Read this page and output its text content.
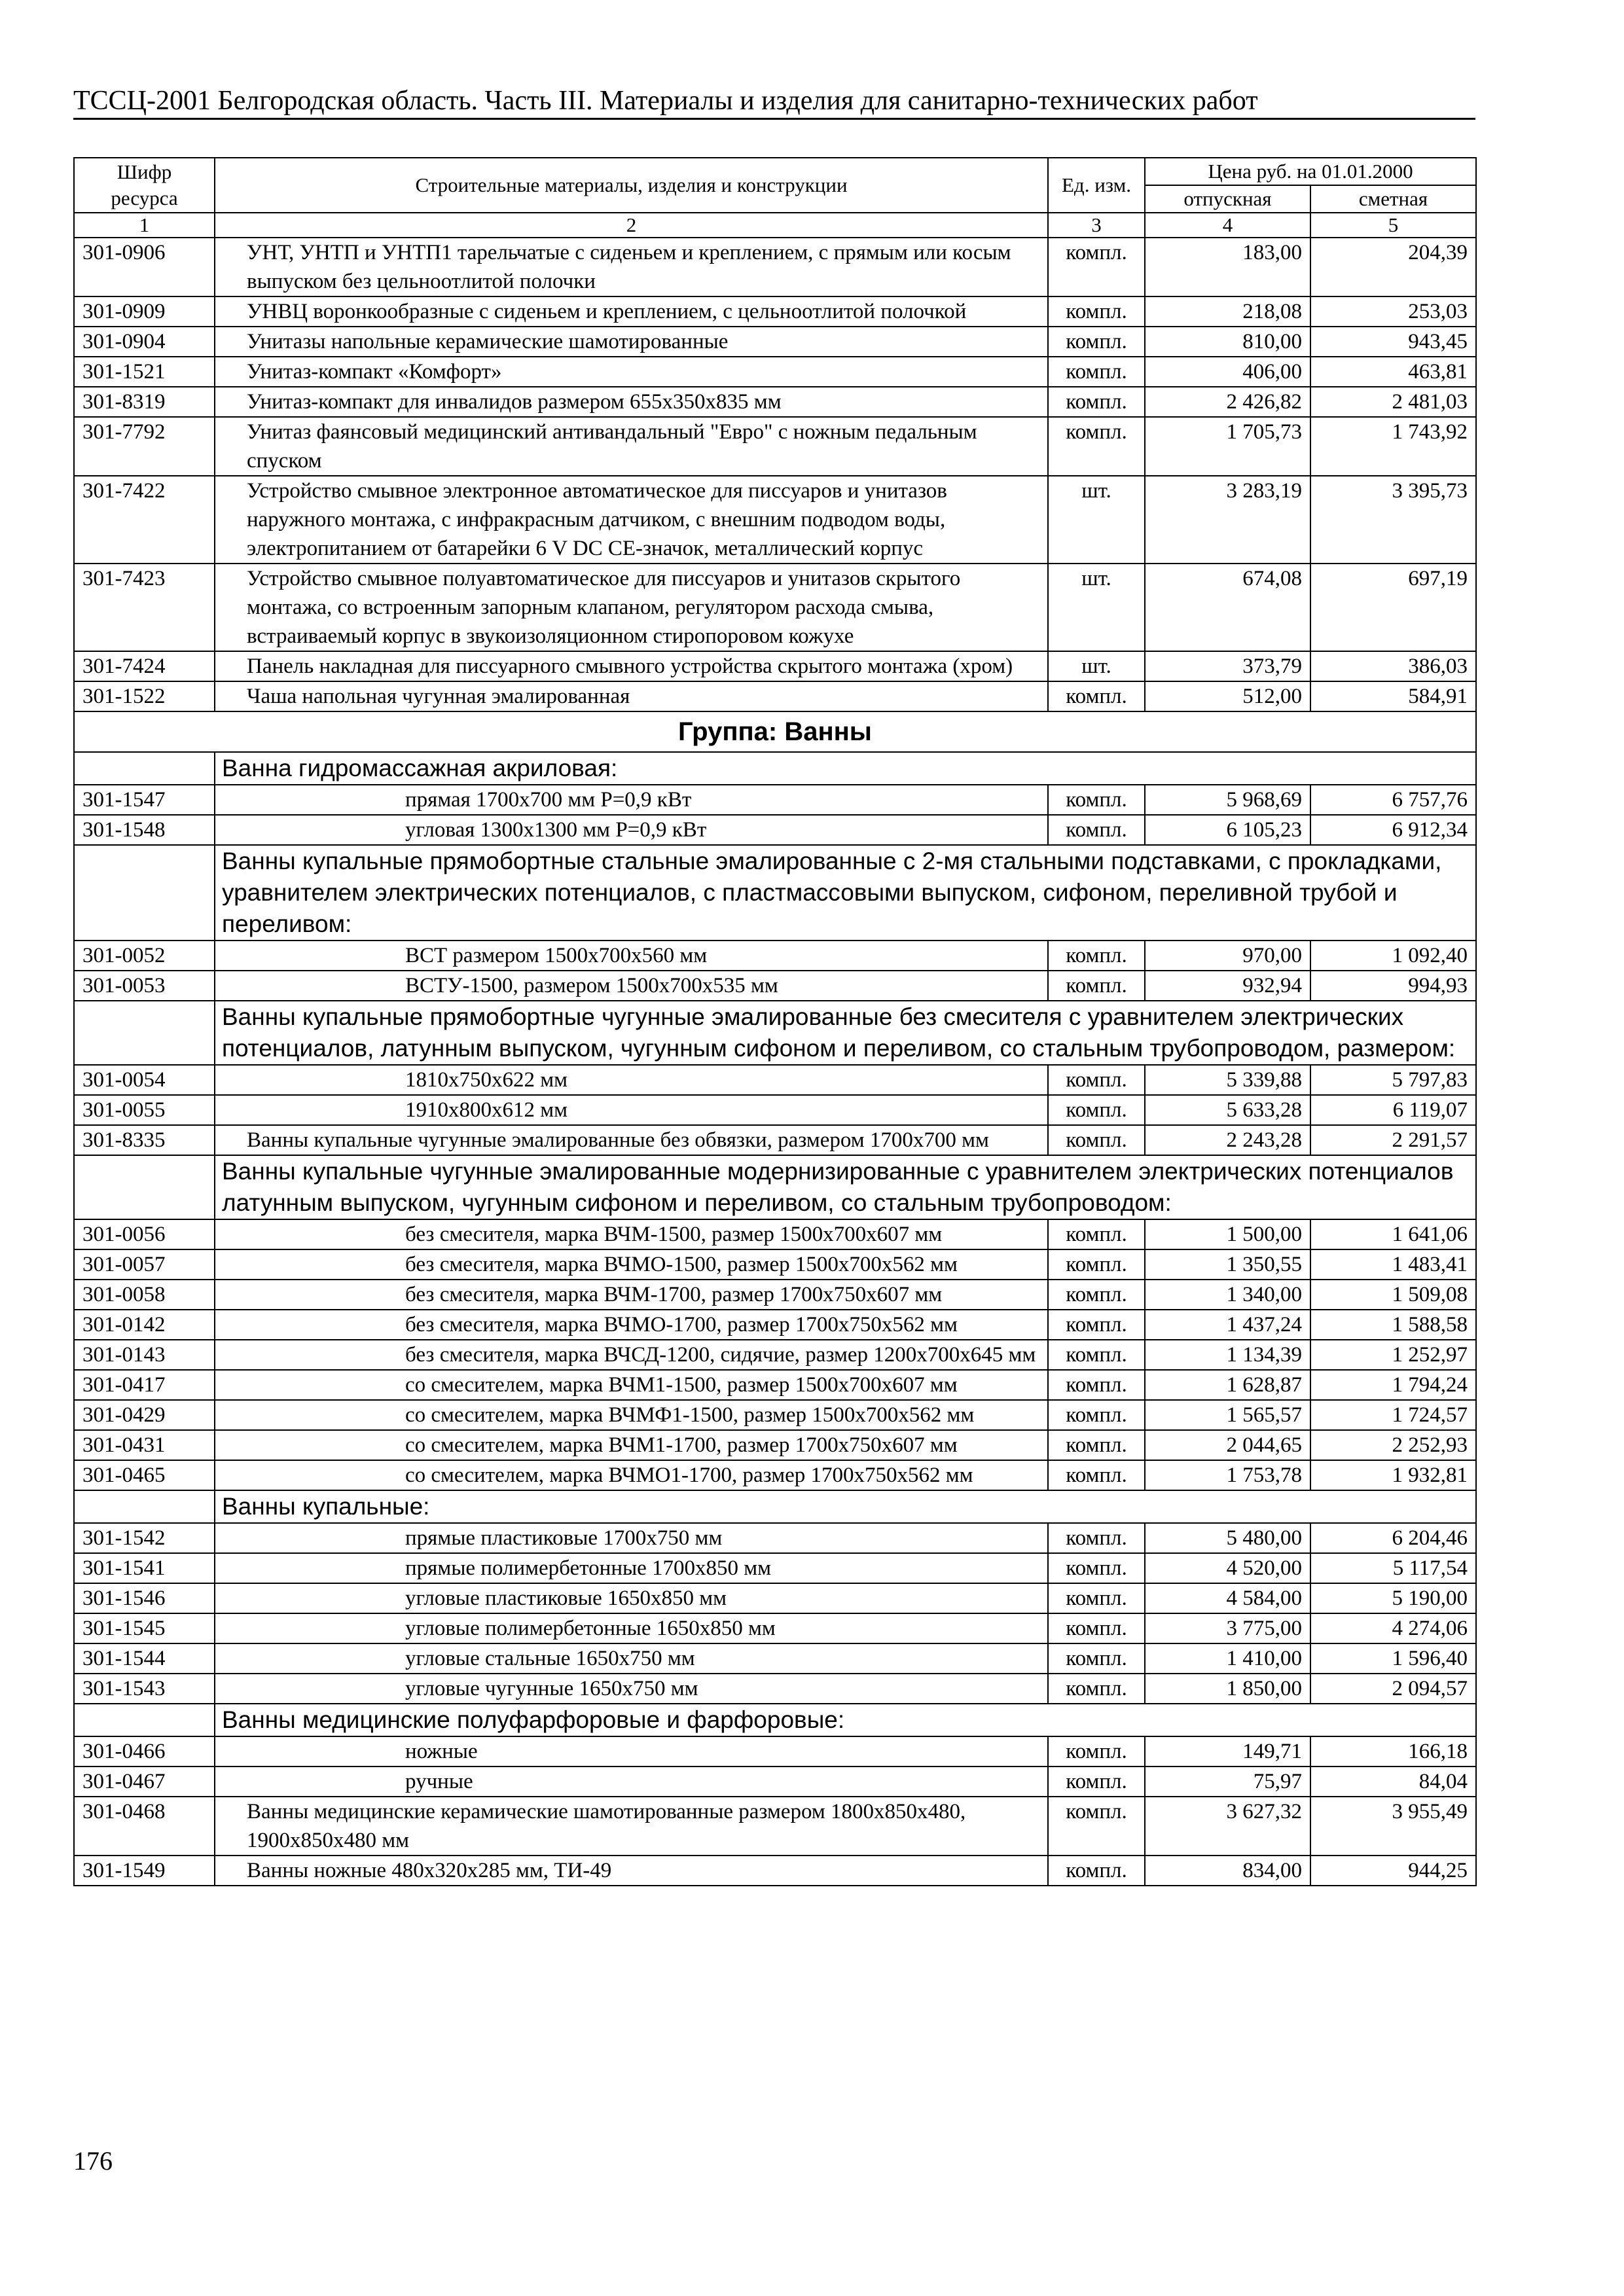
ТССЦ-2001 Белгородская область. Часть III. Материалы и изделия для санитарно-технических работ
Шифр ресурса	Строительные материалы, изделия и конструкции	Ед. изм.	Цена руб. на 01.01.2000	
			отпускная	сметная
1	2	3	4	5
301-0906	УНТ, УНТП и УНТП1 тарельчатые с сиденьем и креплением, с прямым или косым выпуском без цельноотлитой полочки	компл.	183,00	204,39
301-0909	УНВЦ воронкообразные с сиденьем и креплением, с цельноотлитой полочкой	компл.	218,08	253,03
301-0904	Унитазы напольные керамические шамотированные	компл.	810,00	943,45
301-1521	Унитаз-компакт «Комфорт»	компл.	406,00	463,81
301-8319	Унитаз-компакт для инвалидов размером 655х350х835 мм	компл.	2 426,82	2 481,03
301-7792	Унитаз фаянсовый медицинский антивандальный "Евро" с ножным педальным спуском	компл.	1 705,73	1 743,92
301-7422	Устройство смывное электронное автоматическое для писсуаров и унитазов наружного монтажа, с инфракрасным датчиком, с внешним подводом воды, электропитанием от батарейки 6 V DC CE-значок, металлический корпус	шт.	3 283,19	3 395,73
301-7423	Устройство смывное полуавтоматическое для писсуаров и унитазов скрытого монтажа, со встроенным запорным клапаном, регулятором расхода смыва, встраиваемый корпус в звукоизоляционном стиропоровом кожухе	шт.	674,08	697,19
301-7424	Панель накладная для писсуарного смывного устройства скрытого монтажа (хром)	шт.	373,79	386,03
301-1522	Чаша напольная чугунная эмалированная	компл.	512,00	584,91
Группа: Ванны				
	Ванна гидромассажная акриловая:			
301-1547	прямая 1700х700 мм P=0,9 кВт	компл.	5 968,69	6 757,76
301-1548	угловая 1300х1300 мм P=0,9 кВт	компл.	6 105,23	6 912,34
	Ванны купальные прямобортные стальные эмалированные с 2-мя стальными подставками, с прокладками, уравнителем электрических потенциалов, с пластмассовыми выпуском, сифоном, переливной трубой и переливом:			
301-0052	ВСТ размером 1500х700х560 мм	компл.	970,00	1 092,40
301-0053	ВСТУ-1500, размером 1500х700х535 мм	компл.	932,94	994,93
	Ванны купальные прямобортные чугунные эмалированные без смесителя с уравнителем электрических потенциалов, латунным выпуском, чугунным сифоном и переливом, со стальным трубопроводом, размером:			
301-0054	1810х750х622 мм	компл.	5 339,88	5 797,83
301-0055	1910х800х612 мм	компл.	5 633,28	6 119,07
301-8335	Ванны купальные чугунные эмалированные без обвязки, размером 1700х700 мм	компл.	2 243,28	2 291,57
	Ванны купальные чугунные эмалированные модернизированные с уравнителем электрических потенциалов латунным выпуском, чугунным сифоном и переливом, со стальным трубопроводом:			
301-0056	без смесителя, марка ВЧМ-1500, размер 1500х700х607 мм	компл.	1 500,00	1 641,06
301-0057	без смесителя, марка ВЧМО-1500, размер 1500х700х562 мм	компл.	1 350,55	1 483,41
301-0058	без смесителя, марка ВЧМ-1700, размер 1700х750х607 мм	компл.	1 340,00	1 509,08
301-0142	без смесителя, марка ВЧМО-1700, размер 1700х750х562 мм	компл.	1 437,24	1 588,58
301-0143	без смесителя, марка ВЧСД-1200, сидячие, размер 1200х700х645 мм	компл.	1 134,39	1 252,97
301-0417	со смесителем, марка ВЧМ1-1500, размер 1500х700х607 мм	компл.	1 628,87	1 794,24
301-0429	со смесителем, марка ВЧМФ1-1500, размер 1500х700х562 мм	компл.	1 565,57	1 724,57
301-0431	со смесителем, марка ВЧМ1-1700, размер 1700х750х607 мм	компл.	2 044,65	2 252,93
301-0465	со смесителем, марка ВЧМО1-1700, размер 1700х750х562 мм	компл.	1 753,78	1 932,81
	Ванны купальные:			
301-1542	прямые пластиковые 1700х750 мм	компл.	5 480,00	6 204,46
301-1541	прямые полимербетонные 1700х850 мм	компл.	4 520,00	5 117,54
301-1546	угловые пластиковые 1650х850 мм	компл.	4 584,00	5 190,00
301-1545	угловые полимербетонные 1650х850 мм	компл.	3 775,00	4 274,06
301-1544	угловые стальные 1650х750 мм	компл.	1 410,00	1 596,40
301-1543	угловые чугунные 1650х750 мм	компл.	1 850,00	2 094,57
	Ванны медицинские полуфарфоровые и фарфоровые:			
301-0466	ножные	компл.	149,71	166,18
301-0467	ручные	компл.	75,97	84,04
301-0468	Ванны медицинские керамические шамотированные размером 1800х850х480, 1900х850х480 мм	компл.	3 627,32	3 955,49
301-1549	Ванны ножные 480х320х285 мм, ТИ-49	компл.	834,00	944,25
176
